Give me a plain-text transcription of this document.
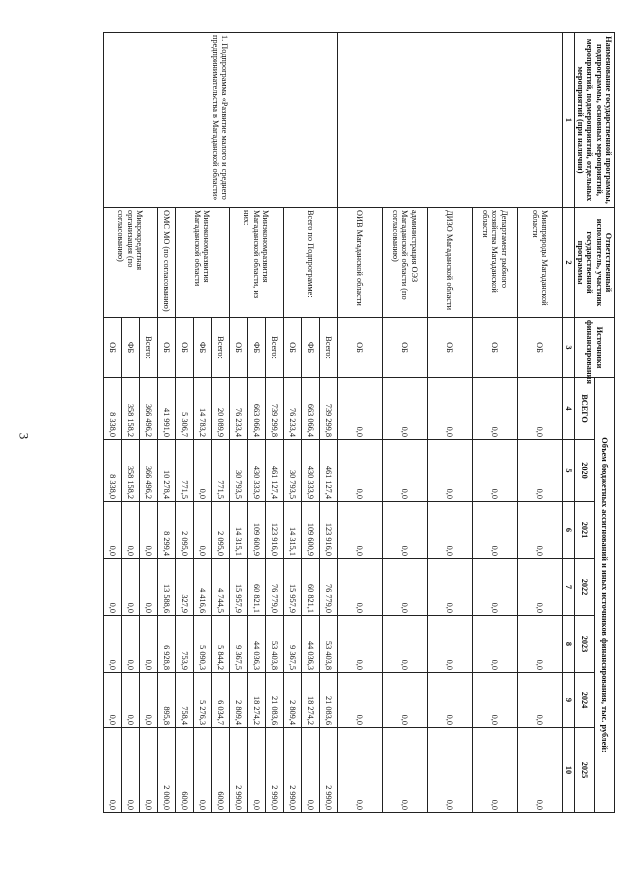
3
Наименование государственной программы, подпрограммы, основных мероприятий, мероприятий, подмероприятий, отдельных мероприятий (при наличии)	Ответственный исполнитель, участник государственной программы	Источники финансирования	Объем бюджетных ассигнований и иных источников финансирования, тыс. рублей:						
			ВСЕГО	2020	2021	2022	2023	2024	2025
1	2	3	4	5	6	7	8	9	10
	Минприроды Магаданской области	ОБ	0,0	0,0	0,0	0,0	0,0	0,0	0,0
	Департамент рыбного хозяйства Магаданской области	ОБ	0,0	0,0	0,0	0,0	0,0	0,0	0,0
	ДИЗО Магаданской области	ОБ	0,0	0,0	0,0	0,0	0,0	0,0	0,0
	администрация ОЭЗ Магаданской области (по согласованию)	ОБ	0,0	0,0	0,0	0,0	0,0	0,0	0,0
	ОИВ Магаданской области	ОБ	0,0	0,0	0,0	0,0	0,0	0,0	0,0
1. Подпрограмма «Развитие малого и среднего предпринимательства в Магаданской области»	Всего по Подпрограмме:	Всего:	739 299,8	461 127,4	123 916,0	76 779,0	53 403,8	21 083,6	2 990,0
		ФБ	663 066,4	430 333,9	109 600,9	60 821,1	44 036,3	18 274,2	0,0
		ОБ	76 233,4	30 793,5	14 315,1	15 957,9	9 367,5	2 809,4	2 990,0
	Минэкономразвития Магаданской области, из них:	Всего:	739 299,8	461 127,4	123 916,0	76 779,0	53 403,8	21 083,6	2 990,0
		ФБ	663 066,4	430 333,9	109 600,9	60 821,1	44 036,3	18 274,2	0,0
		ОБ	76 233,4	30 793,5	14 315,1	15 957,9	9 367,5	2 809,4	2 990,0
	Минэкономразвития Магаданской области	Всего:	20 089,9	771,5	2 095,0	4 744,5	5 844,2	6 034,7	600,0
		ФБ	14 783,2	0,0	0,0	4 416,6	5 090,3	5 276,3	0,0
		ОБ	5 306,7	771,5	2 095,0	327,9	753,9	758,4	600,0
	ОМС МО (по согласованию)	ОБ	41 991,0	10 278,4	8 299,4	13 588,6	6 928,8	895,8	2 000,0
	Микрокредитная организация (по согласованию)	Всего:	366 496,2	366 496,2	0,0	0,0	0,0	0,0	0,0
		ФБ	358 158,2	358 158,2	0,0	0,0	0,0	0,0	0,0
		ОБ	8 338,0	8 338,0	0,0	0,0	0,0	0,0	0,0
